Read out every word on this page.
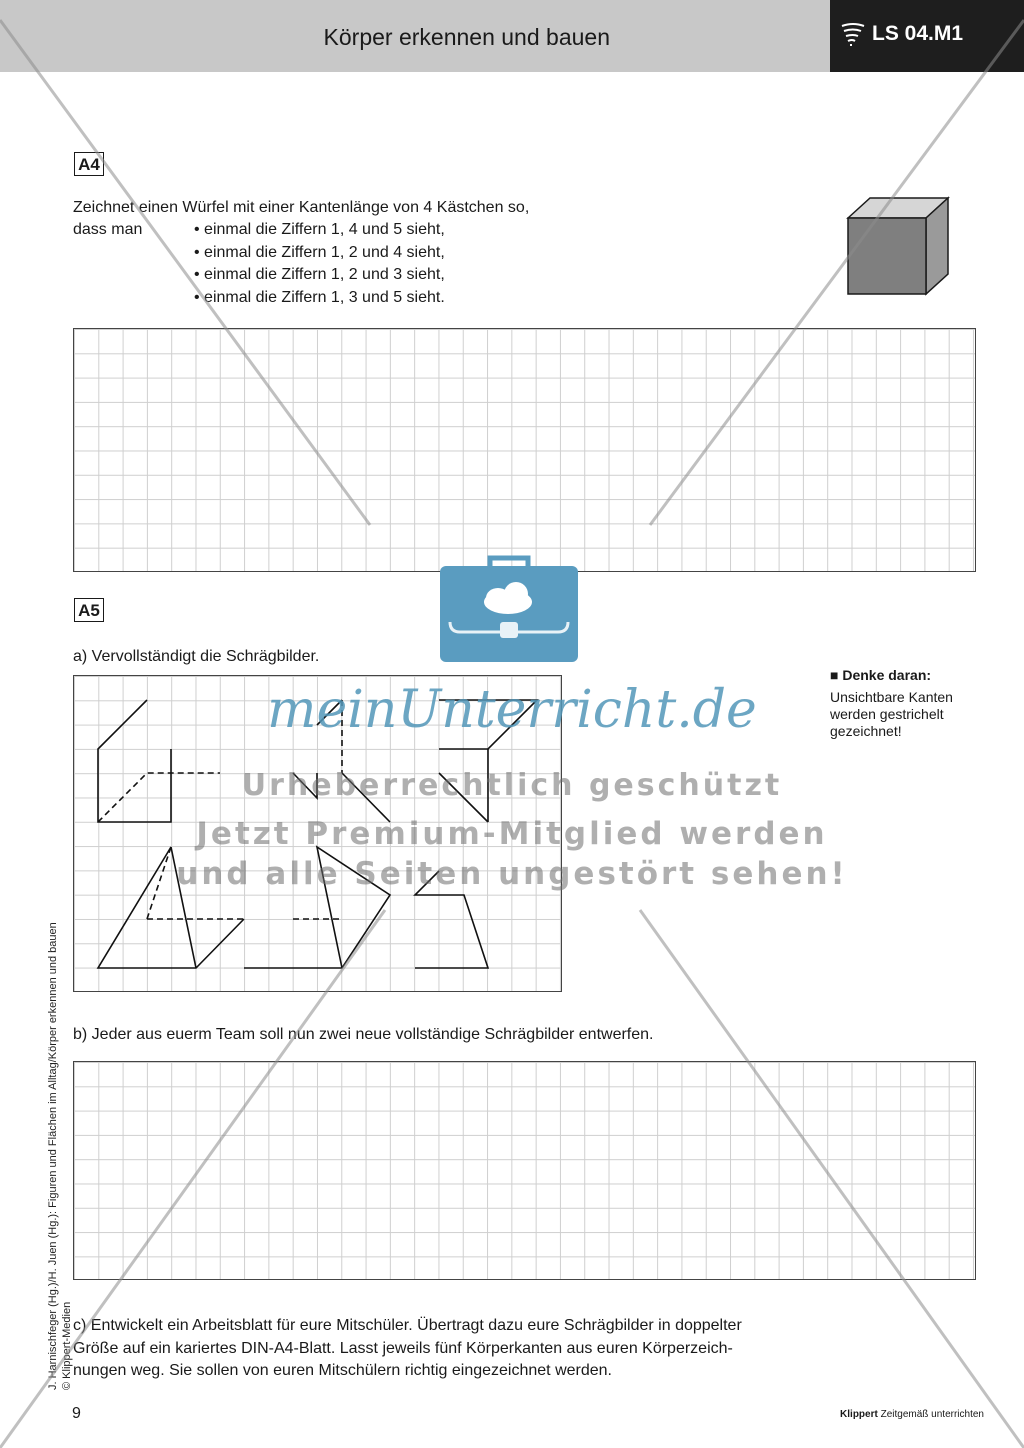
Körper erkennen und bauen	LS 04.M1
A4
Zeichnet einen Würfel mit einer Kantenlänge von 4 Kästchen so,
dass man	• einmal die Ziffern 1, 4 und 5 sieht,
• einmal die Ziffern 1, 2 und 4 sieht,
• einmal die Ziffern 1, 2 und 3 sieht,
• einmal die Ziffern 1, 3 und 5 sieht.
A5
a) Vervollständigt die Schrägbilder.
■ Denke daran:
Unsichtbare Kanten werden gestrichelt gezeichnet!
b) Jeder aus euerm Team soll nun zwei neue vollständige Schrägbilder entwerfen.
c) Entwickelt ein Arbeitsblatt für eure Mitschüler. Übertragt dazu eure Schrägbilder in doppelter
Größe auf ein kariertes DIN-A4-Blatt. Lasst jeweils fünf Körperkanten aus euren Körperzeich-
nungen weg. Sie sollen von euren Mitschülern richtig eingezeichnet werden.
J. Harnischfeger (Hg.)/H. Juen (Hg.): Figuren und Flächen im Alltag/Körper erkennen und bauen © Klippert-Medien
9	Klippert Zeitgemäß unterrichten
meinUnterricht.de
Urheberrechtlich geschützt
Jetzt Premium-Mitglied werden
und alle Seiten ungestört sehen!
